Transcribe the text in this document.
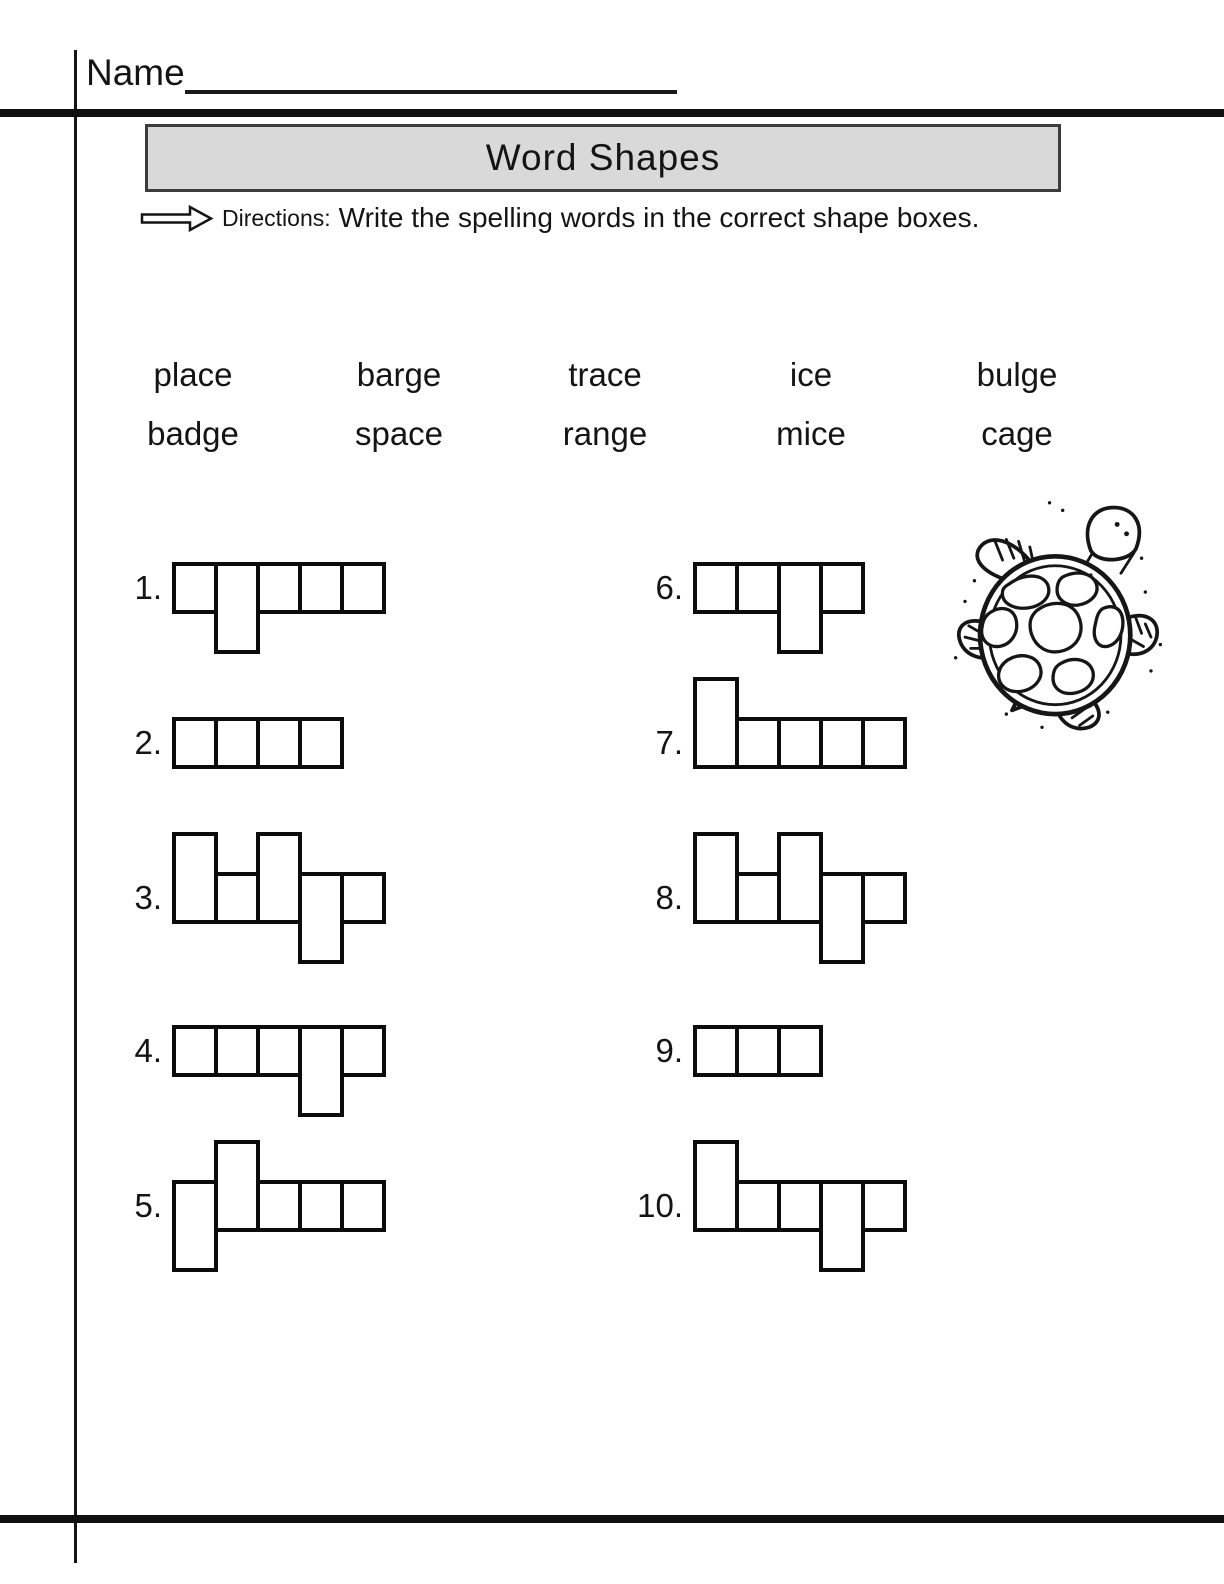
Name
Word Shapes
Directions: Write the spelling words in the correct shape boxes.
place	barge	trace	ice	bulge
badge	space	range	mice	cage
1.
2.
3.
4.
5.
6.
7.
8.
9.
10.
